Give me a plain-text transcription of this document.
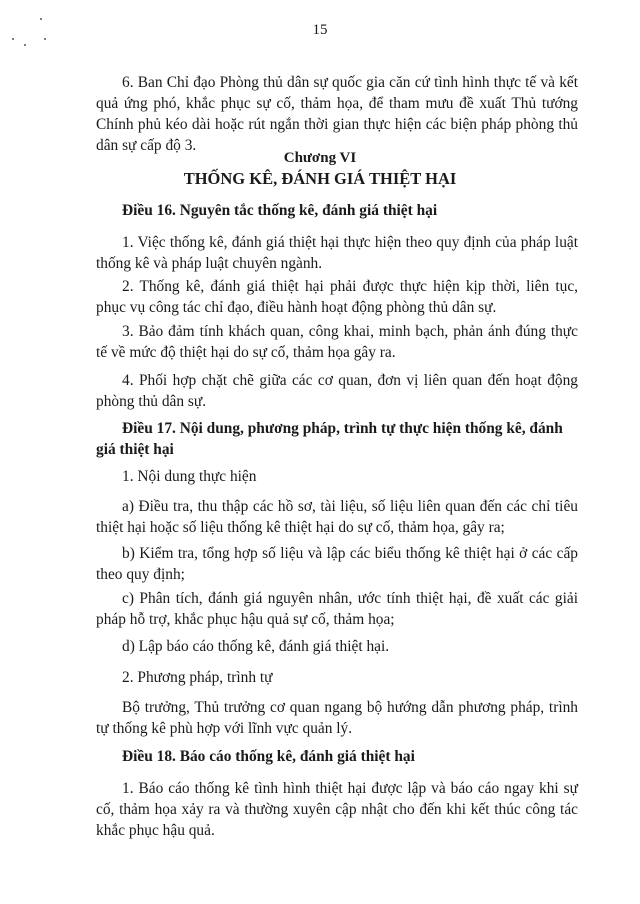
15

6. Ban Chỉ đạo Phòng thủ dân sự quốc gia căn cứ tình hình thực tế và kết quả ứng phó, khắc phục sự cố, thảm họa, để tham mưu đề xuất Thủ tướng Chính phủ kéo dài hoặc rút ngắn thời gian thực hiện các biện pháp phòng thủ dân sự cấp độ 3.

Chương VI
THỐNG KÊ, ĐÁNH GIÁ THIỆT HẠI

Điều 16. Nguyên tắc thống kê, đánh giá thiệt hại

1. Việc thống kê, đánh giá thiệt hại thực hiện theo quy định của pháp luật thống kê và pháp luật chuyên ngành.

2. Thống kê, đánh giá thiệt hại phải được thực hiện kịp thời, liên tục, phục vụ công tác chỉ đạo, điều hành hoạt động phòng thủ dân sự.

3. Bảo đảm tính khách quan, công khai, minh bạch, phản ánh đúng thực tế về mức độ thiệt hại do sự cố, thảm họa gây ra.

4. Phối hợp chặt chẽ giữa các cơ quan, đơn vị liên quan đến hoạt động phòng thủ dân sự.

Điều 17. Nội dung, phương pháp, trình tự thực hiện thống kê, đánh giá thiệt hại

1. Nội dung thực hiện

a) Điều tra, thu thập các hồ sơ, tài liệu, số liệu liên quan đến các chỉ tiêu thiệt hại hoặc số liệu thống kê thiệt hại do sự cố, thảm họa, gây ra;

b) Kiểm tra, tổng hợp số liệu và lập các biểu thống kê thiệt hại ở các cấp theo quy định;

c) Phân tích, đánh giá nguyên nhân, ước tính thiệt hại, đề xuất các giải pháp hỗ trợ, khắc phục hậu quả sự cố, thảm họa;

d) Lập báo cáo thống kê, đánh giá thiệt hại.

2. Phương pháp, trình tự

Bộ trưởng, Thủ trưởng cơ quan ngang bộ hướng dẫn phương pháp, trình tự thống kê phù hợp với lĩnh vực quản lý.

Điều 18. Báo cáo thống kê, đánh giá thiệt hại

1. Báo cáo thống kê tình hình thiệt hại được lập và báo cáo ngay khi sự cố, thảm họa xảy ra và thường xuyên cập nhật cho đến khi kết thúc công tác khắc phục hậu quả.
